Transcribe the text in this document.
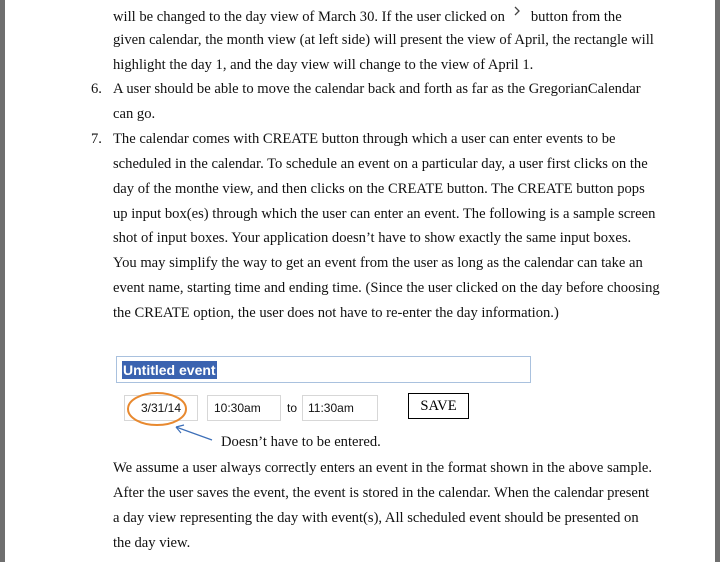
will be changed to the day view of March 30. If the user clicked on button from the
given calendar, the month view (at left side) will present the view of April, the rectangle will
highlight the day 1, and the day view will change to the view of April 1.
6. A user should be able to move the calendar back and forth as far as the GregorianCalendar
can go.
7. The calendar comes with CREATE button through which a user can enter events to be
scheduled in the calendar. To schedule an event on a particular day, a user first clicks on the
day of the monthe view, and then clicks on the CREATE button. The CREATE button pops
up input box(es) through which the user can enter an event. The following is a sample screen
shot of input boxes. Your application doesn’t have to show exactly the same input boxes.
You may simplify the way to get an event from the user as long as the calendar can take an
event name, starting time and ending time. (Since the user clicked on the day before choosing
the CREATE option, the user does not have to re-enter the day information.)
Untitled event
3/31/14	10:30am	to 11:30am	SAVE
Doesn’t have to be entered.
We assume a user always correctly enters an event in the format shown in the above sample.
After the user saves the event, the event is stored in the calendar. When the calendar present
a day view representing the day with event(s), All scheduled event should be presented on
the day view.
